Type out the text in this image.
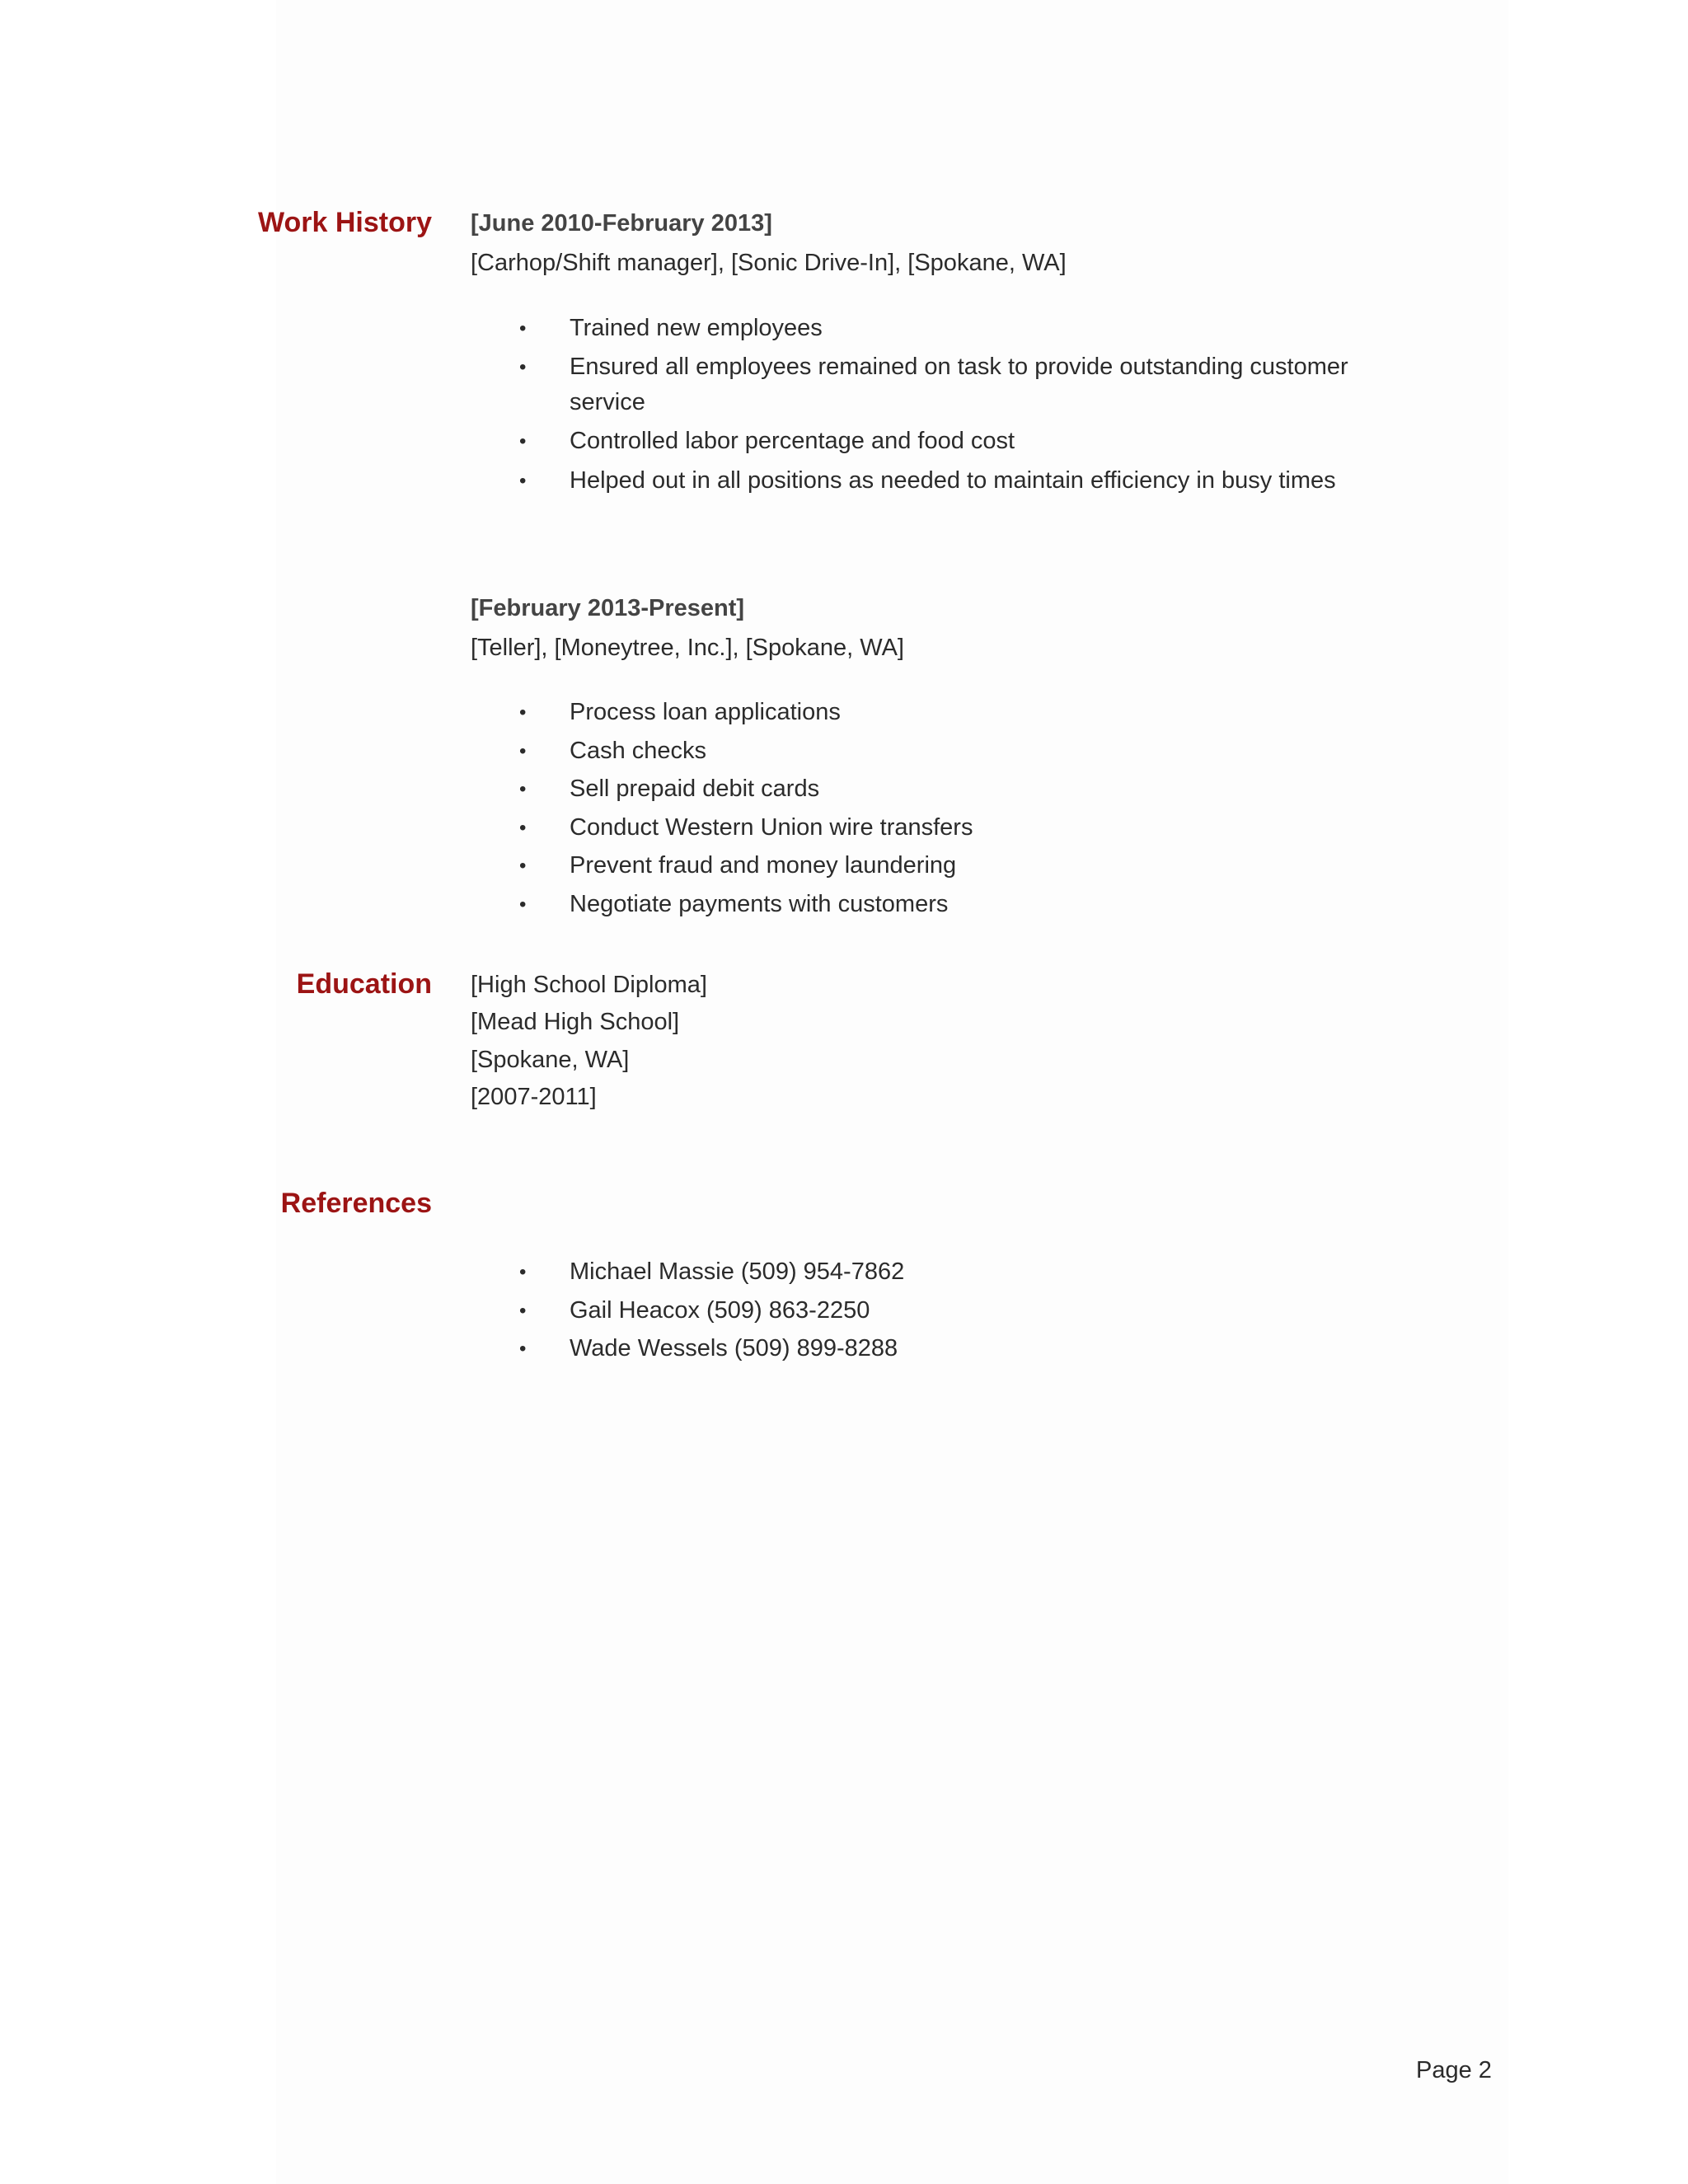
Work History [June 2010-February 2013]
[Carhop/Shift manager], [Sonic Drive-In], [Spokane, WA]
• Trained new employees
• Ensured all employees remained on task to provide outstanding customer
service
• Controlled labor percentage and food cost
• Helped out in all positions as needed to maintain efficiency in busy times
[February 2013-Present]
[Teller], [Moneytree, Inc.], [Spokane, WA]
• Process loan applications
• Cash checks
• Sell prepaid debit cards
• Conduct Western Union wire transfers
• Prevent fraud and money laundering
• Negotiate payments with customers
Education [High School Diploma]
[Mead High School]
[Spokane, WA]
[2007-2011]
References
• Michael Massie (509) 954-7862
• Gail Heacox (509) 863-2250
• Wade Wessels (509) 899-8288
Page 2
